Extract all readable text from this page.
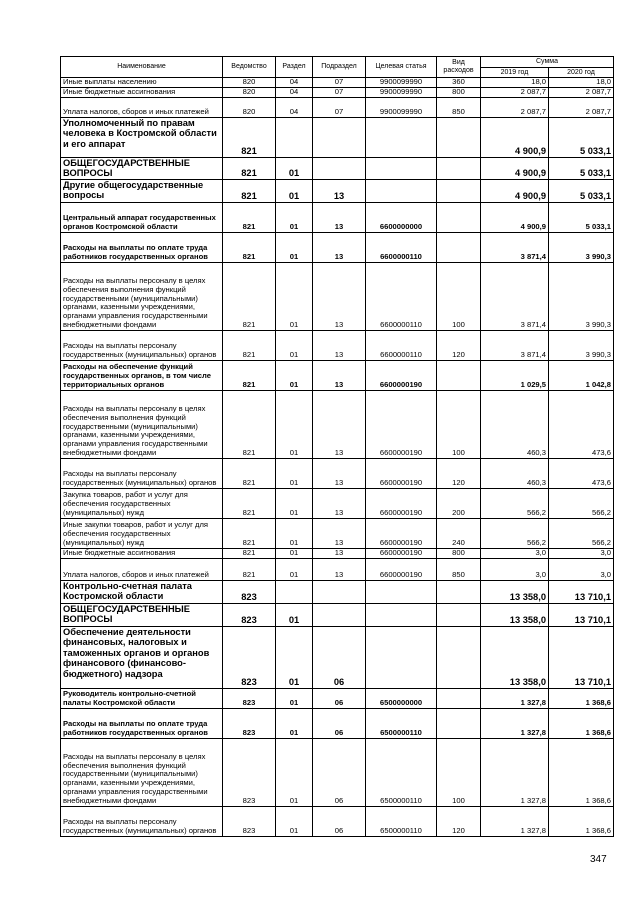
Наименование	Ведомство	Раздел	Подраздел	Целевая статья	Вид расходов	Сумма	
						2019 год	2020 год
Иные выплаты населению	820	04	07	9900099990	360	18,0	18,0
Иные бюджетные ассигнования	820	04	07	9900099990	800	2 087,7	2 087,7
Уплата налогов, сборов и иных платежей	820	04	07	9900099990	850	2 087,7	2 087,7
Уполномоченный по правам человека в Костромской области и его аппарат	821					4 900,9	5 033,1
ОБЩЕГОСУДАРСТВЕННЫЕ ВОПРОСЫ	821	01				4 900,9	5 033,1
Другие общегосударственные вопросы	821	01	13			4 900,9	5 033,1
Центральный аппарат государственных органов Костромской области	821	01	13	6600000000		4 900,9	5 033,1
Расходы на выплаты по оплате труда работников государственных органов	821	01	13	6600000110		3 871,4	3 990,3
Расходы на выплаты персоналу в целях обеспечения выполнения функций государственными (муниципальными) органами, казенными учреждениями, органами управления государственными внебюджетными фондами	821	01	13	6600000110	100	3 871,4	3 990,3
Расходы на выплаты персоналу государственных (муниципальных) органов	821	01	13	6600000110	120	3 871,4	3 990,3
Расходы на обеспечение функций государственных органов, в том числе территориальных органов	821	01	13	6600000190		1 029,5	1 042,8
Расходы на выплаты персоналу в целях обеспечения выполнения функций государственными (муниципальными) органами, казенными учреждениями, органами управления государственными внебюджетными фондами	821	01	13	6600000190	100	460,3	473,6
Расходы на выплаты персоналу государственных (муниципальных) органов	821	01	13	6600000190	120	460,3	473,6
Закупка товаров, работ и услуг для обеспечения государственных (муниципальных) нужд	821	01	13	6600000190	200	566,2	566,2
Иные закупки товаров, работ и услуг для обеспечения государственных (муниципальных) нужд	821	01	13	6600000190	240	566,2	566,2
Иные бюджетные ассигнования	821	01	13	6600000190	800	3,0	3,0
Уплата налогов, сборов и иных платежей	821	01	13	6600000190	850	3,0	3,0
Контрольно-счетная палата Костромской области	823					13 358,0	13 710,1
ОБЩЕГОСУДАРСТВЕННЫЕ ВОПРОСЫ	823	01				13 358,0	13 710,1
Обеспечение деятельности финансовых, налоговых и таможенных органов и органов финансового (финансово-бюджетного) надзора	823	01	06			13 358,0	13 710,1
Руководитель контрольно-счетной палаты Костромской области	823	01	06	6500000000		1 327,8	1 368,6
Расходы на выплаты по оплате труда работников государственных органов	823	01	06	6500000110		1 327,8	1 368,6
Расходы на выплаты персоналу в целях обеспечения выполнения функций государственными (муниципальными) органами, казенными учреждениями, органами управления государственными внебюджетными фондами	823	01	06	6500000110	100	1 327,8	1 368,6
Расходы на выплаты персоналу государственных (муниципальных) органов	823	01	06	6500000110	120	1 327,8	1 368,6
347
